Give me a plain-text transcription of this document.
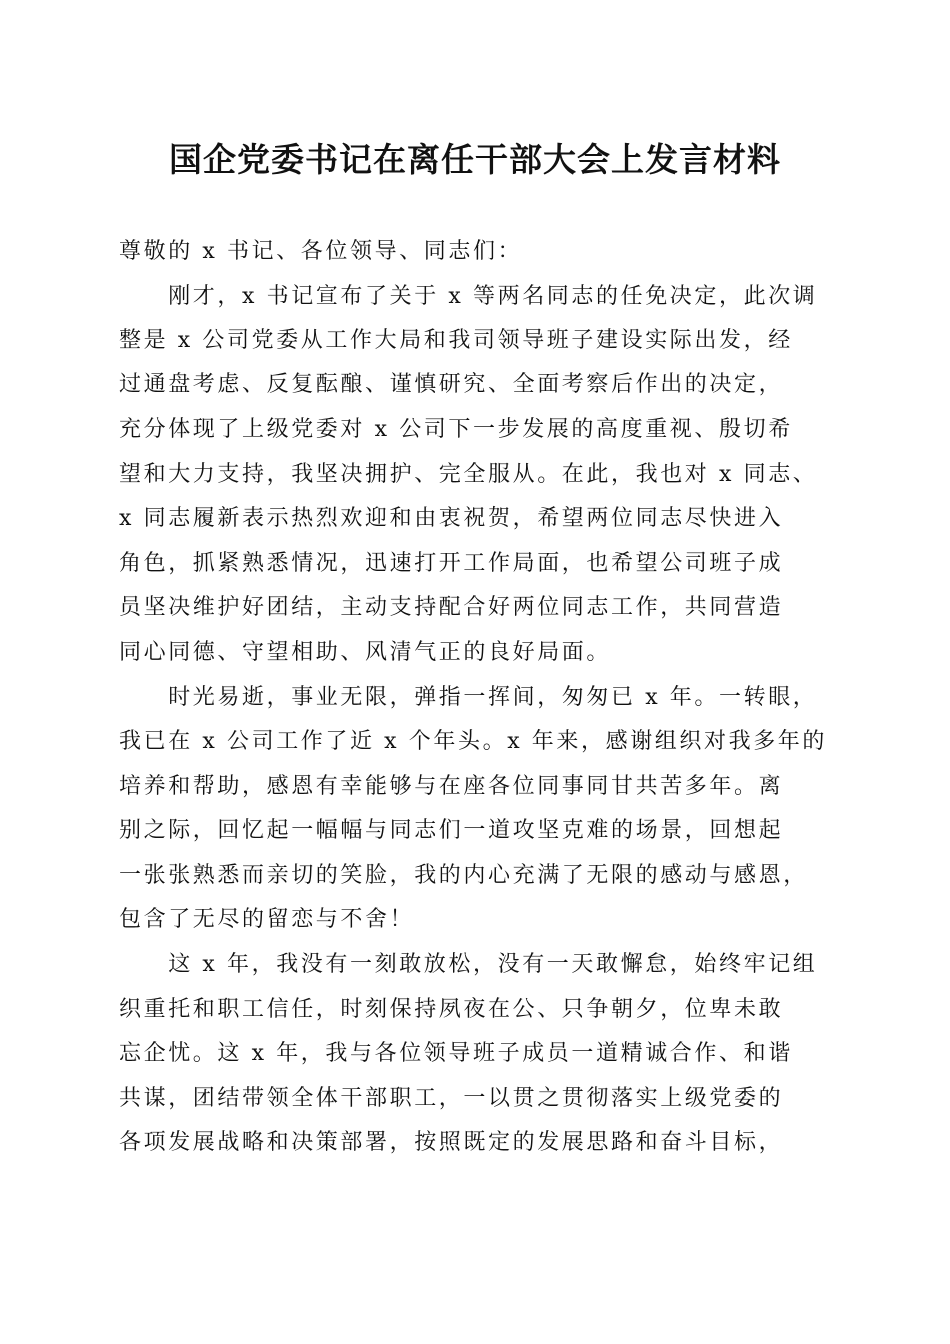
国企党委书记在离任干部大会上发言材料
尊敬的 x 书记、各位领导、同志们：
　　刚才，x 书记宣布了关于 x 等两名同志的任免决定，此次调
整是 x 公司党委从工作大局和我司领导班子建设实际出发，经
过通盘考虑、反复酝酿、谨慎研究、全面考察后作出的决定，
充分体现了上级党委对 x 公司下一步发展的高度重视、殷切希
望和大力支持，我坚决拥护、完全服从。在此，我也对 x 同志、
x 同志履新表示热烈欢迎和由衷祝贺，希望两位同志尽快进入
角色，抓紧熟悉情况，迅速打开工作局面，也希望公司班子成
员坚决维护好团结，主动支持配合好两位同志工作，共同营造
同心同德、守望相助、风清气正的良好局面。
　　时光易逝，事业无限，弹指一挥间，匆匆已 x 年。一转眼，
我已在 x 公司工作了近 x 个年头。x 年来，感谢组织对我多年的
培养和帮助，感恩有幸能够与在座各位同事同甘共苦多年。离
别之际，回忆起一幅幅与同志们一道攻坚克难的场景，回想起
一张张熟悉而亲切的笑脸，我的内心充满了无限的感动与感恩，
包含了无尽的留恋与不舍！
　　这 x 年，我没有一刻敢放松，没有一天敢懈怠，始终牢记组
织重托和职工信任，时刻保持夙夜在公、只争朝夕，位卑未敢
忘企忧。这 x 年，我与各位领导班子成员一道精诚合作、和谐
共谋，团结带领全体干部职工，一以贯之贯彻落实上级党委的
各项发展战略和决策部署，按照既定的发展思路和奋斗目标，
